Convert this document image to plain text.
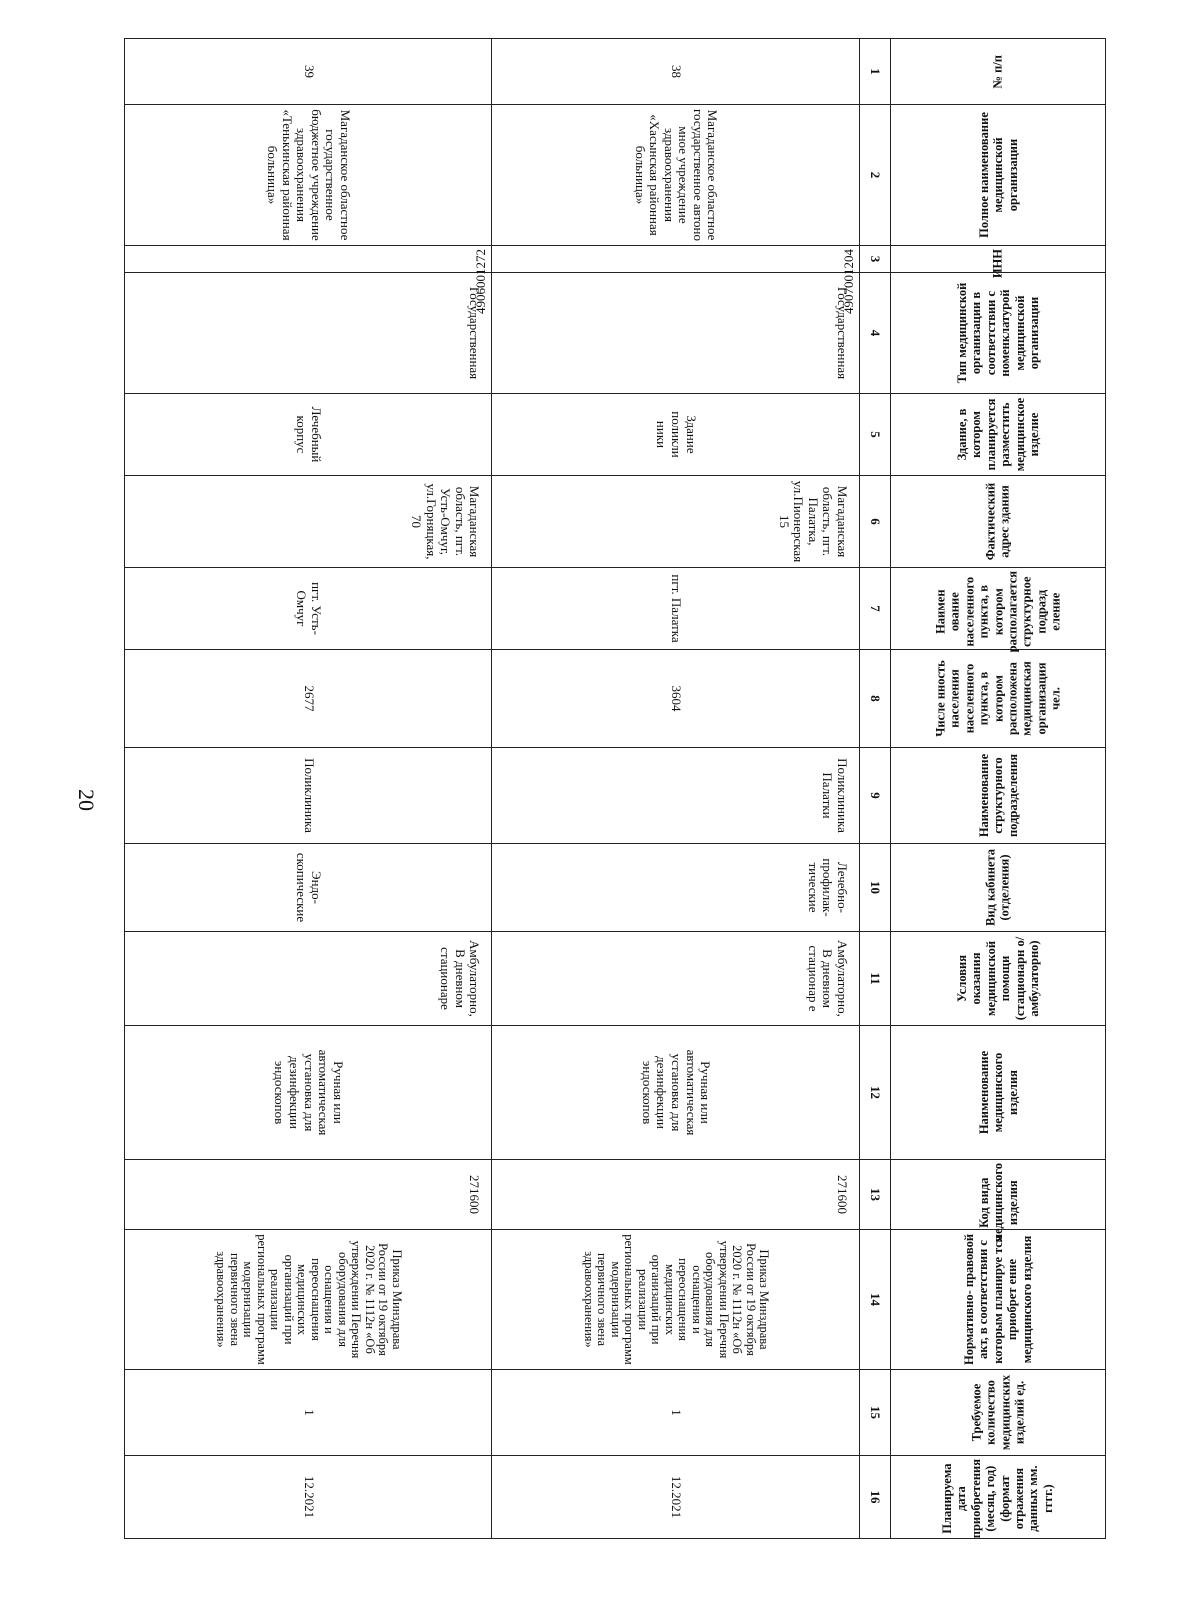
20
№ п/п	Полное наименование медицинской организации	ИНН	Тип медицинской организации в соответствии с номенклатурой медицинской организации	Здание, в котором планируется разместить медицинское изделие	Фактический адрес здания	Наимен ование населенного пункта, в котором располагается структурное подразд еление	Числе нность населения населенного пункта, в котором расположена медицинская организация чел.	Наименование структурного подразделения	Вид кабинета (отделения)	Условия оказания медицинской помощи (стационарн о/амбулаторно)	Наименование медицинского изделия	Код вида медицинского изделия	Нормативно- правовой акт, в соответствии с которым планируе тся приобрет ение медицинского изделия	Требуемое количество медицинских изделий ед.	Планируема дата приобретения (месяц, год) (формат отражения данных мм. гггг.)
1	2	3	4	5	6	7	8	9	10	11	12	13	14	15	16
38	Магаданское областное государственное автоно мное учреждение здравоохранения «Хасынская районная больница»	4907001204	Государственная	Здание поликли ники	Магаданская область, пгт. Палатка, ул.Пионерская 15	пгт. Палатка	3604	Поликлиника Палатки	Лечебно-профилак-тические	Амбулаторно, В дневном стационар е	Ручная или автоматическая установка для дезинфекции эндоскопов	271600	Приказ Минздрава России от 19 октября 2020 г. № 1112н «Об утверждении Перечня оборудования для оснащения и переоснащения медицинских организаций при реализации региональных программ модернизации первичного звена здравоохранения»	1	12.2021
39	Магаданское областное государственное бюджетное учреждение здравоохранения «Тенькинская районная больница»	4906001272	Государственная	Лечебный корпус	Магаданская область, пгт. Усть-Омчуг, ул.Горняцкая, 70	пгт. Усть-Омчуг	2677	Поликлиника	Эндо-скопические	Амбулаторно, В дневном стационаре	Ручная или автоматическая установка для дезинфекции эндоскопов	271600	Приказ Минздрава России от 19 октября 2020 г. № 1112н «Об утверждении Перечня оборудования для оснащения и переоснащения медицинских организаций при реализации региональных программ модернизации первичного звена здравоохранения»	1	12.2021
